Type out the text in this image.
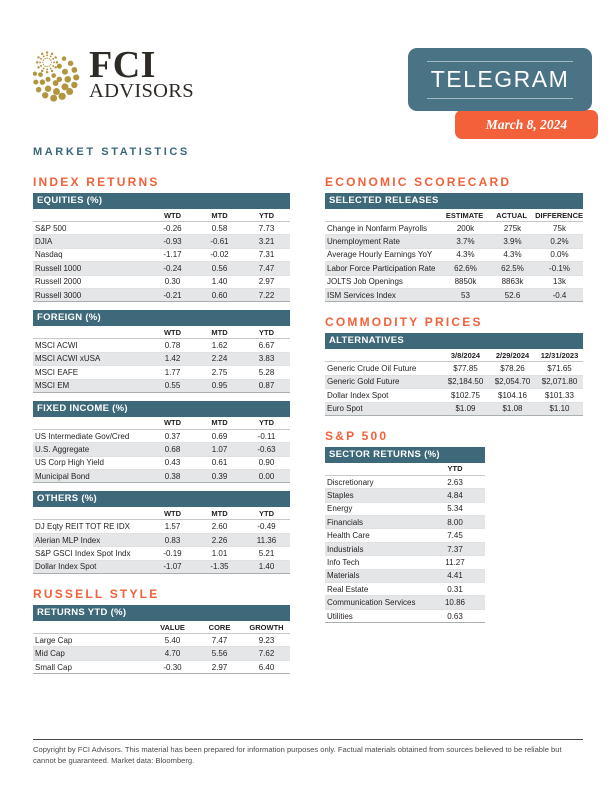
FCI
ADVISORS	TELEGRAM
March 8, 2024
MARKET STATISTICS
INDEX RETURNS
EQUITIES (%)
WTD	MTD	YTD
S&P 500	-0.26	0.58	7.73
DJIA	-0.93	-0.61	3.21
Nasdaq	-1.17	-0.02	7.31
Russell 1000	-0.24	0.56	7.47
Russell 2000	0.30	1.40	2.97
Russell 3000	-0.21	0.60	7.22
FOREIGN (%)
WTD	MTD	YTD
MSCI ACWI	0.78	1.62	6.67
MSCI ACWI xUSA	1.42	2.24	3.83
MSCI EAFE	1.77	2.75	5.28
MSCI EM	0.55	0.95	0.87
FIXED INCOME (%)
WTD	MTD	YTD
US Intermediate Gov/Cred	0.37	0.69	-0.11
U.S. Aggregate	0.68	1.07	-0.63
US Corp High Yield	0.43	0.61	0.90
Municipal Bond	0.38	0.39	0.00
OTHERS (%)
WTD	MTD	YTD
DJ Eqty REIT TOT RE IDX	1.57	2.60	-0.49
Alerian MLP Index	0.83	2.26	11.36
S&P GSCI Index Spot Indx	-0.19	1.01	5.21
Dollar Index Spot	-1.07	-1.35	1.40
RUSSELL STYLE
RETURNS YTD (%)
VALUE	CORE	GROWTH
Large Cap	5.40	7.47	9.23
Mid Cap	4.70	5.56	7.62
Small Cap	-0.30	2.97	6.40
ECONOMIC SCORECARD
SELECTED RELEASES
ESTIMATE	ACTUAL	DIFFERENCE
Change in Nonfarm Payrolls	200k	275k	75k
Unemployment Rate	3.7%	3.9%	0.2%
Average Hourly Earnings YoY	4.3%	4.3%	0.0%
Labor Force Participation Rate	62.6%	62.5%	-0.1%
JOLTS Job Openings	8850k	8863k	13k
ISM Services Index	53	52.6	-0.4
COMMODITY PRICES
ALTERNATIVES
3/8/2024	2/29/2024	12/31/2023
Generic Crude Oil Future	$77.85	$78.26	$71.65
Generic Gold Future	$2,184.50	$2,054.70	$2,071.80
Dollar Index Spot	$102.75	$104.16	$101.33
Euro Spot	$1.09	$1.08	$1.10
S&P 500
SECTOR RETURNS (%)
YTD
Discretionary	2.63
Staples	4.84
Energy	5.34
Financials	8.00
Health Care	7.45
Industrials	7.37
Info Tech	11.27
Materials	4.41
Real Estate	0.31
Communication Services	10.86
Utilities	0.63
Copyright by FCI Advisors. This material has been prepared for information purposes only. Factual materials obtained from sources believed to be reliable but cannot be guaranteed. Market data: Bloomberg.
